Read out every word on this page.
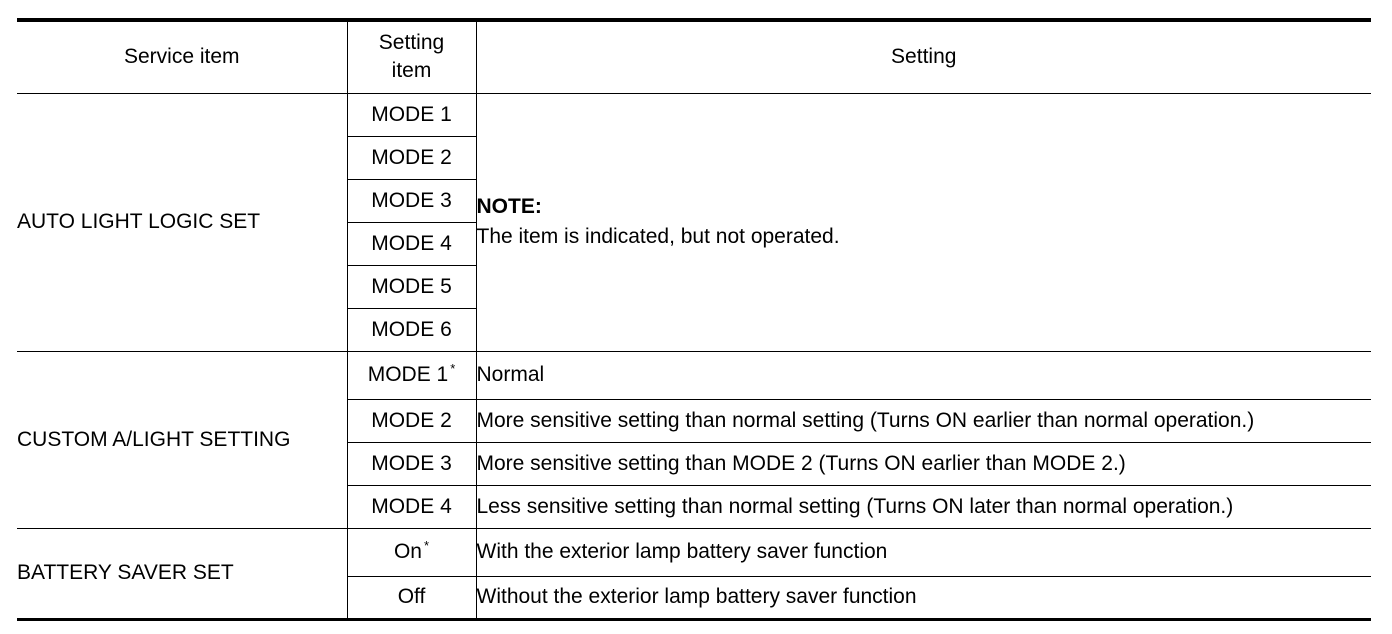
Service item	Setting item	Setting
AUTO LIGHT LOGIC SET	MODE 1	NOTE:
The item is indicated, but not operated.

	MODE 2	
	MODE 3	
	MODE 4	
	MODE 5	
	MODE 6	
CUSTOM A/LIGHT SETTING	MODE 1 *	Normal
	MODE 2	More sensitive setting than normal setting (Turns ON earlier than normal operation.)
	MODE 3	More sensitive setting than MODE 2 (Turns ON earlier than MODE 2.)
	MODE 4	Less sensitive setting than normal setting (Turns ON later than normal operation.)
BATTERY SAVER SET	On *	With the exterior lamp battery saver function
	Off	Without the exterior lamp battery saver function
